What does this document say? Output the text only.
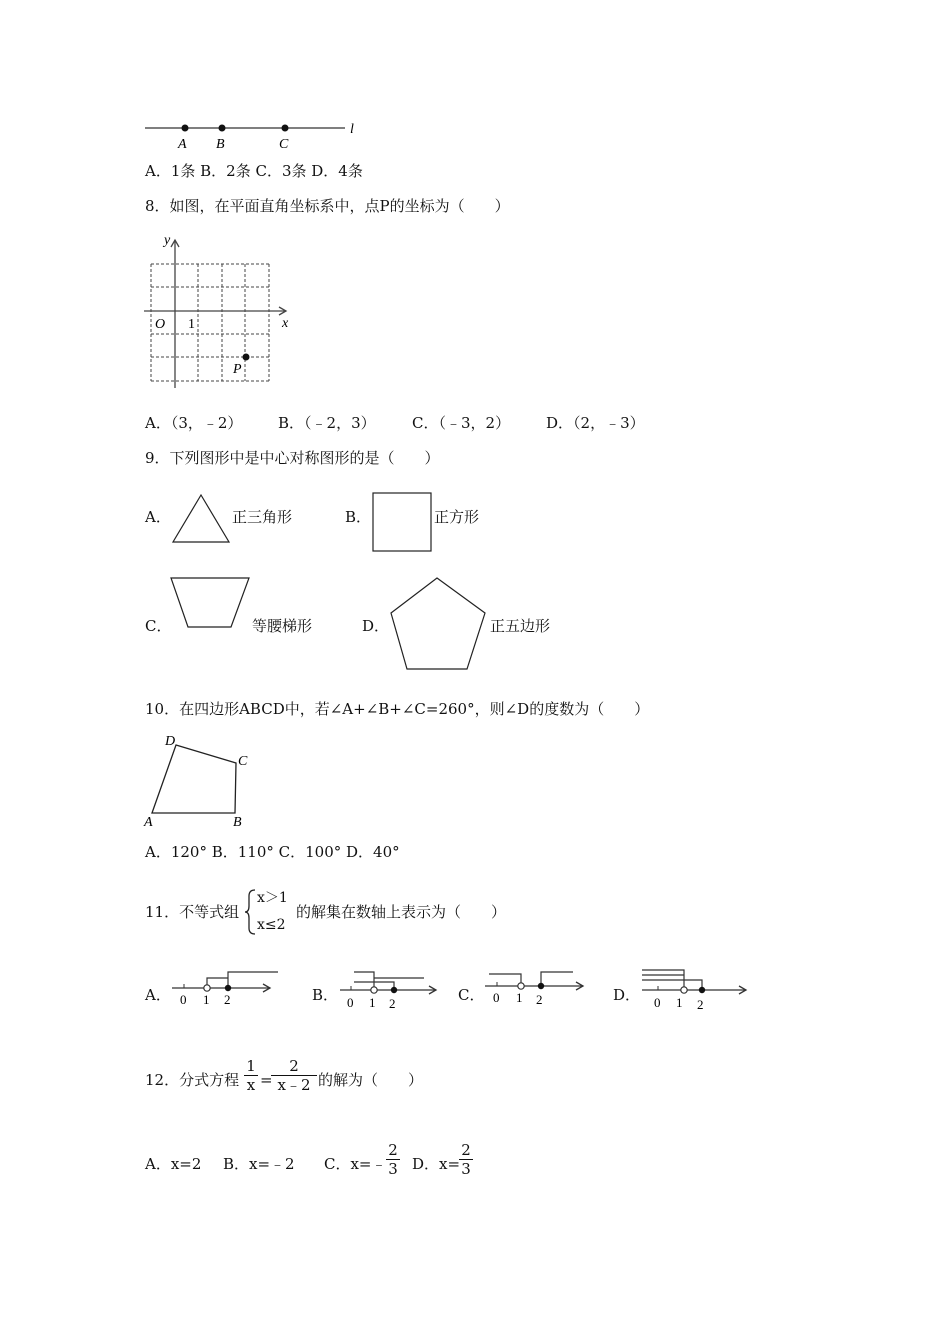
A B	C
l
A．1条 B．2条 C．3条 D．4条
8．如图，在平面直角坐标系中，点P的坐标为（　　）
y
x
O 1
P
A．（3，﹣2） B．（﹣2，3） C．（﹣3，2） D．（2，﹣3）
9．下列图形中是中心对称图形的是（　　）
A．	正三角形	B．	正方形
C．	等腰梯形	D．	正五边形
10．在四边形ABCD中，若∠A+∠B+∠C=260°，则∠D的度数为（　　）
D
C
A	B
A．120° B．110° C．100° D．40°
11．不等式组
x＞1
x≤2
的解集在数轴上表示为（　　）
A． 0 1 2	B． 0 1 2	C． 0 1 2	D． 0 1 2
12．分式方程
1
x =
2
x﹣2 的解为（　　）
A．x=2 B．x=﹣2 C．x=﹣
2
3 D．x=
2
3
